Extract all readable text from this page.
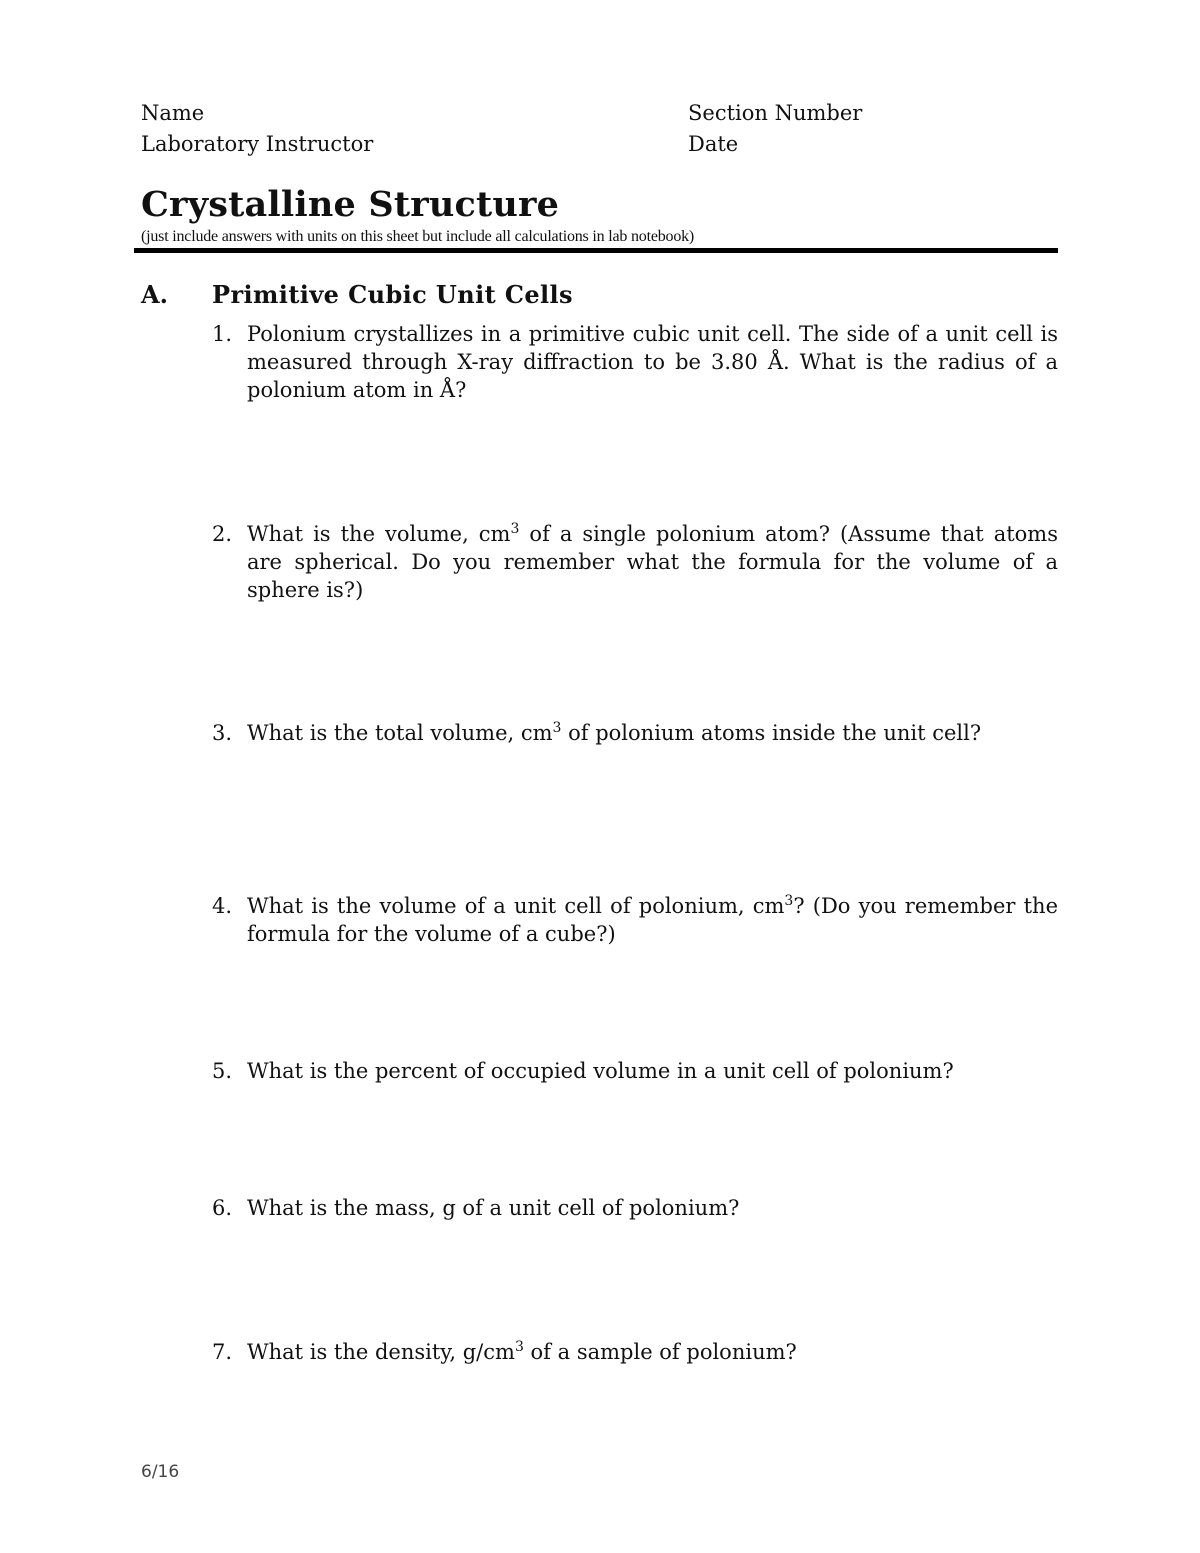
Name
Laboratory Instructor
Section Number
Date
Crystalline Structure
(just include answers with units on this sheet but include all calculations in lab notebook)
A. Primitive Cubic Unit Cells
1. Polonium crystallizes in a primitive cubic unit cell. The side of a unit cell is measured through X-ray diffraction to be 3.80 Å. What is the radius of a polonium atom in Å?
2. What is the volume, $cm^3$ of a single polonium atom? (Assume that atoms are spherical. Do you remember what the formula for the volume of a sphere is?)
3. What is the total volume, $cm^3$ of polonium atoms inside the unit cell?
4. What is the volume of a unit cell of polonium, $cm^3$? (Do you remember the formula for the volume of a cube?)
5. What is the percent of occupied volume in a unit cell of polonium?
6. What is the mass, g of a unit cell of polonium?
7. What is the density, $g/cm^3$ of a sample of polonium?
6/16
